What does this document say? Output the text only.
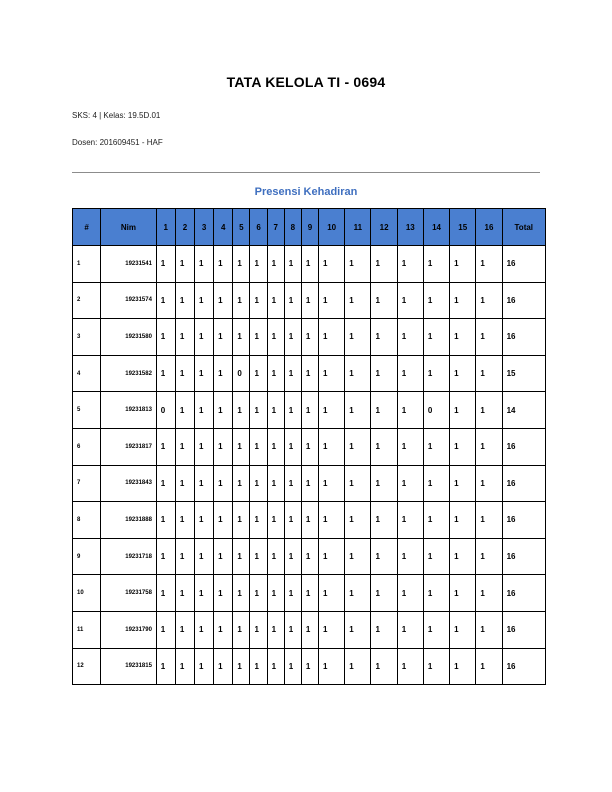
TATA KELOLA TI - 0694
SKS: 4 | Kelas: 19.5D.01
Dosen: 201609451 - HAF
Presensi Kehadiran
#	Nim	1	2	3	4	5	6	7	8	9	10	11	12	13	14	15	16	Total
1	19231541	1	1	1	1	1	1	1	1	1	1	1	1	1	1	1	1	16
2	19231574	1	1	1	1	1	1	1	1	1	1	1	1	1	1	1	1	16
3	19231580	1	1	1	1	1	1	1	1	1	1	1	1	1	1	1	1	16
4	19231582	1	1	1	1	0	1	1	1	1	1	1	1	1	1	1	1	15
5	19231813	0	1	1	1	1	1	1	1	1	1	1	1	1	0	1	1	14
6	19231817	1	1	1	1	1	1	1	1	1	1	1	1	1	1	1	1	16
7	19231843	1	1	1	1	1	1	1	1	1	1	1	1	1	1	1	1	16
8	19231888	1	1	1	1	1	1	1	1	1	1	1	1	1	1	1	1	16
9	19231718	1	1	1	1	1	1	1	1	1	1	1	1	1	1	1	1	16
10	19231758	1	1	1	1	1	1	1	1	1	1	1	1	1	1	1	1	16
11	19231790	1	1	1	1	1	1	1	1	1	1	1	1	1	1	1	1	16
12	19231815	1	1	1	1	1	1	1	1	1	1	1	1	1	1	1	1	16
